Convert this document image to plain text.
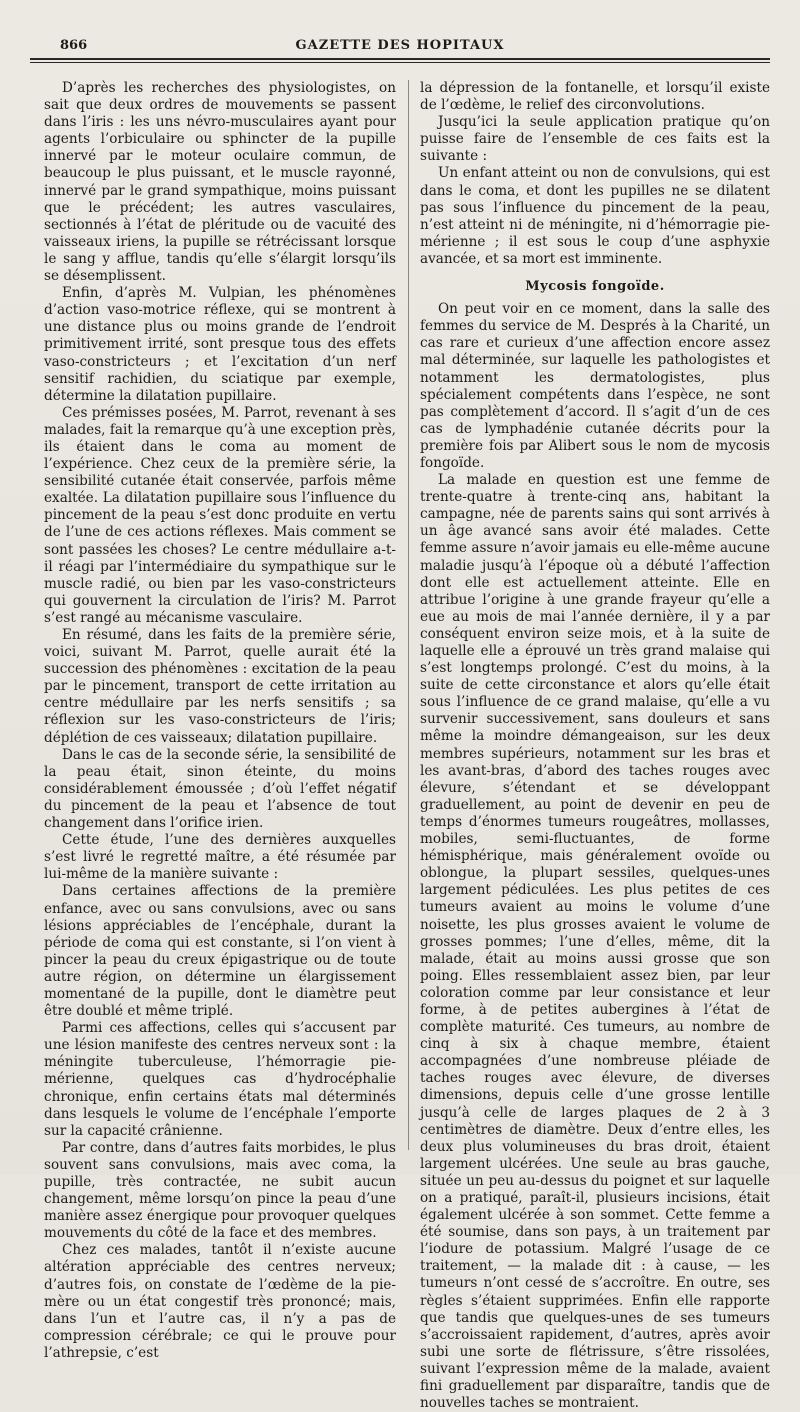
866	GAZETTE DES HOPITAUX

D’après les recherches des physiologistes, on sait que deux ordres de mouvements se passent dans l’iris : les uns névro-musculaires ayant pour agents l’orbiculaire ou sphincter de la pupille innervé par le moteur oculaire commun, de beaucoup le plus puissant, et le muscle rayonné, innervé par le grand sympathique, moins puissant que le précédent; les autres vasculaires, sectionnés à l’état de pléritude ou de vacuité des vaisseaux iriens, la pupille se rétrécissant lorsque le sang y afflue, tandis qu’elle s’élargit lorsqu’ils se désemplissent.

Enfin, d’après M. Vulpian, les phénomènes d’action vaso-motrice réflexe, qui se montrent à une distance plus ou moins grande de l’endroit primitivement irrité, sont presque tous des effets vaso-constricteurs ; et l’excitation d’un nerf sensitif rachidien, du sciatique par exemple, détermine la dilatation pupillaire.

Ces prémisses posées, M. Parrot, revenant à ses malades, fait la remarque qu’à une exception près, ils étaient dans le coma au moment de l’expérience. Chez ceux de la première série, la sensibilité cutanée était conservée, parfois même exaltée. La dilatation pupillaire sous l’influence du pincement de la peau s’est donc produite en vertu de l’une de ces actions réflexes. Mais comment se sont passées les choses? Le centre médullaire a-t-il réagi par l’intermédiaire du sympathique sur le muscle radié, ou bien par les vaso-constricteurs qui gouvernent la circulation de l’iris? M. Parrot s’est rangé au mécanisme vasculaire.

En résumé, dans les faits de la première série, voici, suivant M. Parrot, quelle aurait été la succession des phénomènes : excitation de la peau par le pincement, transport de cette irritation au centre médullaire par les nerfs sensitifs ; sa réflexion sur les vaso-constricteurs de l’iris; déplétion de ces vaisseaux; dilatation pupillaire.

Dans le cas de la seconde série, la sensibilité de la peau était, sinon éteinte, du moins considérablement émoussée ; d’où l’effet négatif du pincement de la peau et l’absence de tout changement dans l’orifice irien.

Cette étude, l’une des dernières auxquelles s’est livré le regretté maître, a été résumée par lui-même de la manière suivante :

Dans certaines affections de la première enfance, avec ou sans convulsions, avec ou sans lésions appréciables de l’encéphale, durant la période de coma qui est constante, si l’on vient à pincer la peau du creux épigastrique ou de toute autre région, on détermine un élargissement momentané de la pupille, dont le diamètre peut être doublé et même triplé.

Parmi ces affections, celles qui s’accusent par une lésion manifeste des centres nerveux sont : la méningite tuberculeuse, l’hémorragie pie-mérienne, quelques cas d’hydrocéphalie chronique, enfin certains états mal déterminés dans lesquels le volume de l’encéphale l’emporte sur la capacité crânienne.

Par contre, dans d’autres faits morbides, le plus souvent sans convulsions, mais avec coma, la pupille, très contractée, ne subit aucun changement, même lorsqu’on pince la peau d’une manière assez énergique pour provoquer quelques mouvements du côté de la face et des membres.

Chez ces malades, tantôt il n’existe aucune altération appréciable des centres nerveux; d’autres fois, on constate de l’œdème de la pie-mère ou un état congestif très prononcé; mais, dans l’un et l’autre cas, il n’y a pas de compression cérébrale; ce qui le prouve pour l’athrepsie, c’est

la dépression de la fontanelle, et lorsqu’il existe de l’œdème, le relief des circonvolutions.

Jusqu’ici la seule application pratique qu’on puisse faire de l’ensemble de ces faits est la suivante :

Un enfant atteint ou non de convulsions, qui est dans le coma, et dont les pupilles ne se dilatent pas sous l’influence du pincement de la peau, n’est atteint ni de méningite, ni d’hémorragie pie-mérienne ; il est sous le coup d’une asphyxie avancée, et sa mort est imminente.

Mycosis fongoïde.

On peut voir en ce moment, dans la salle des femmes du service de M. Després à la Charité, un cas rare et curieux d’une affection encore assez mal déterminée, sur laquelle les pathologistes et notamment les dermatologistes, plus spécialement compétents dans l’espèce, ne sont pas complètement d’accord. Il s’agit d’un de ces cas de lymphadénie cutanée décrits pour la première fois par Alibert sous le nom de mycosis fongoïde.

La malade en question est une femme de trente-quatre à trente-cinq ans, habitant la campagne, née de parents sains qui sont arrivés à un âge avancé sans avoir été malades. Cette femme assure n’avoir jamais eu elle-même aucune maladie jusqu’à l’époque où a débuté l’affection dont elle est actuellement atteinte. Elle en attribue l’origine à une grande frayeur qu’elle a eue au mois de mai l’année dernière, il y a par conséquent environ seize mois, et à la suite de laquelle elle a éprouvé un très grand malaise qui s’est longtemps prolongé. C’est du moins, à la suite de cette circonstance et alors qu’elle était sous l’influence de ce grand malaise, qu’elle a vu survenir successivement, sans douleurs et sans même la moindre démangeaison, sur les deux membres supérieurs, notamment sur les bras et les avant-bras, d’abord des taches rouges avec élevure, s’étendant et se développant graduellement, au point de devenir en peu de temps d’énormes tumeurs rougeâtres, mollasses, mobiles, semi-fluctuantes, de forme hémisphérique, mais généralement ovoïde ou oblongue, la plupart sessiles, quelques-unes largement pédiculées. Les plus petites de ces tumeurs avaient au moins le volume d’une noisette, les plus grosses avaient le volume de grosses pommes; l’une d’elles, même, dit la malade, était au moins aussi grosse que son poing. Elles ressemblaient assez bien, par leur coloration comme par leur consistance et leur forme, à de petites aubergines à l’état de complète maturité. Ces tumeurs, au nombre de cinq à six à chaque membre, étaient accompagnées d’une nombreuse pléiade de taches rouges avec élevure, de diverses dimensions, depuis celle d’une grosse lentille jusqu’à celle de larges plaques de 2 à 3 centimètres de diamètre. Deux d’entre elles, les deux plus volumineuses du bras droit, étaient largement ulcérées. Une seule au bras gauche, située un peu au-dessus du poignet et sur laquelle on a pratiqué, paraît-il, plusieurs incisions, était également ulcérée à son sommet. Cette femme a été soumise, dans son pays, à un traitement par l’iodure de potassium. Malgré l’usage de ce traitement, — la malade dit : à cause, — les tumeurs n’ont cessé de s’accroître. En outre, ses règles s’étaient supprimées. Enfin elle rapporte que tandis que quelques-unes de ses tumeurs s’accroissaient rapidement, d’autres, après avoir subi une sorte de flétrissure, s’être rissolées, suivant l’expression même de la malade, avaient fini graduellement par disparaître, tandis que de nouvelles taches se montraient.
